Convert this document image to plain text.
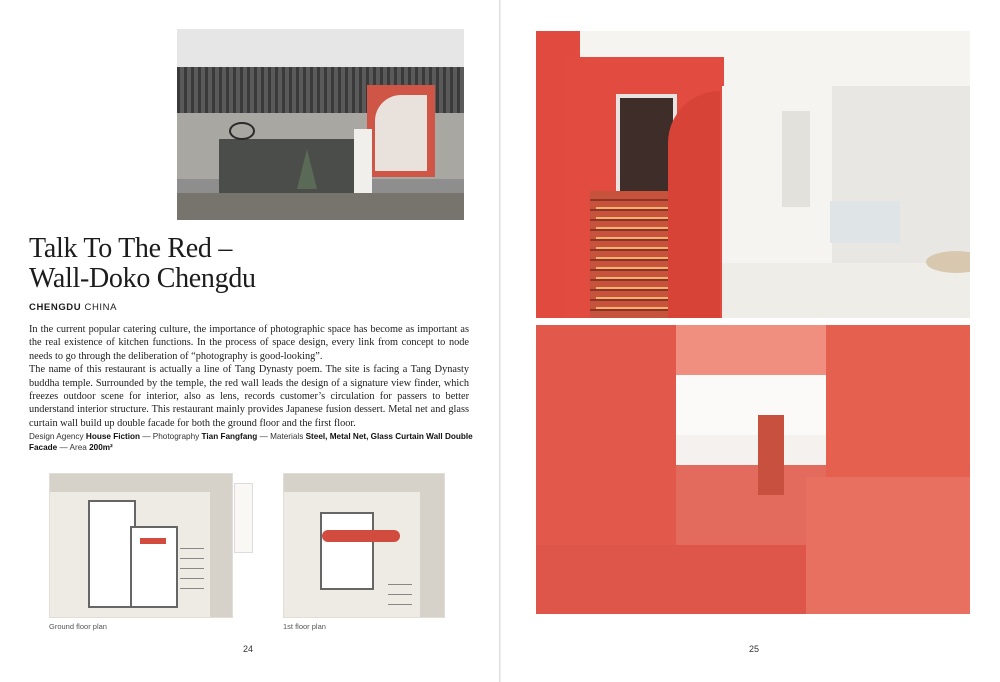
Talk To The Red –
Wall-Doko Chengdu
CHENGDU CHINA

In the current popular catering culture, the importance of photographic space has become as important as the real existence of kitchen functions. In the process of space design, every link from concept to node needs to go through the deliberation of “photography is good-looking”.

The name of this restaurant is actually a line of Tang Dynasty poem. The site is facing a Tang Dynasty buddha temple. Surrounded by the temple, the red wall leads the design of a signature view finder, which freezes outdoor scene for interior, also as lens, records customer’s circulation for passers to better understand interior structure. This restaurant mainly provides Japanese fusion dessert. Metal net and glass curtain wall build up double facade for both the ground floor and the first floor.

Design Agency House Fiction — Photography Tian Fangfang — Materials Steel, Metal Net, Glass Curtain Wall Double Facade — Area 200m²
Ground floor plan	1st floor plan
24	25
